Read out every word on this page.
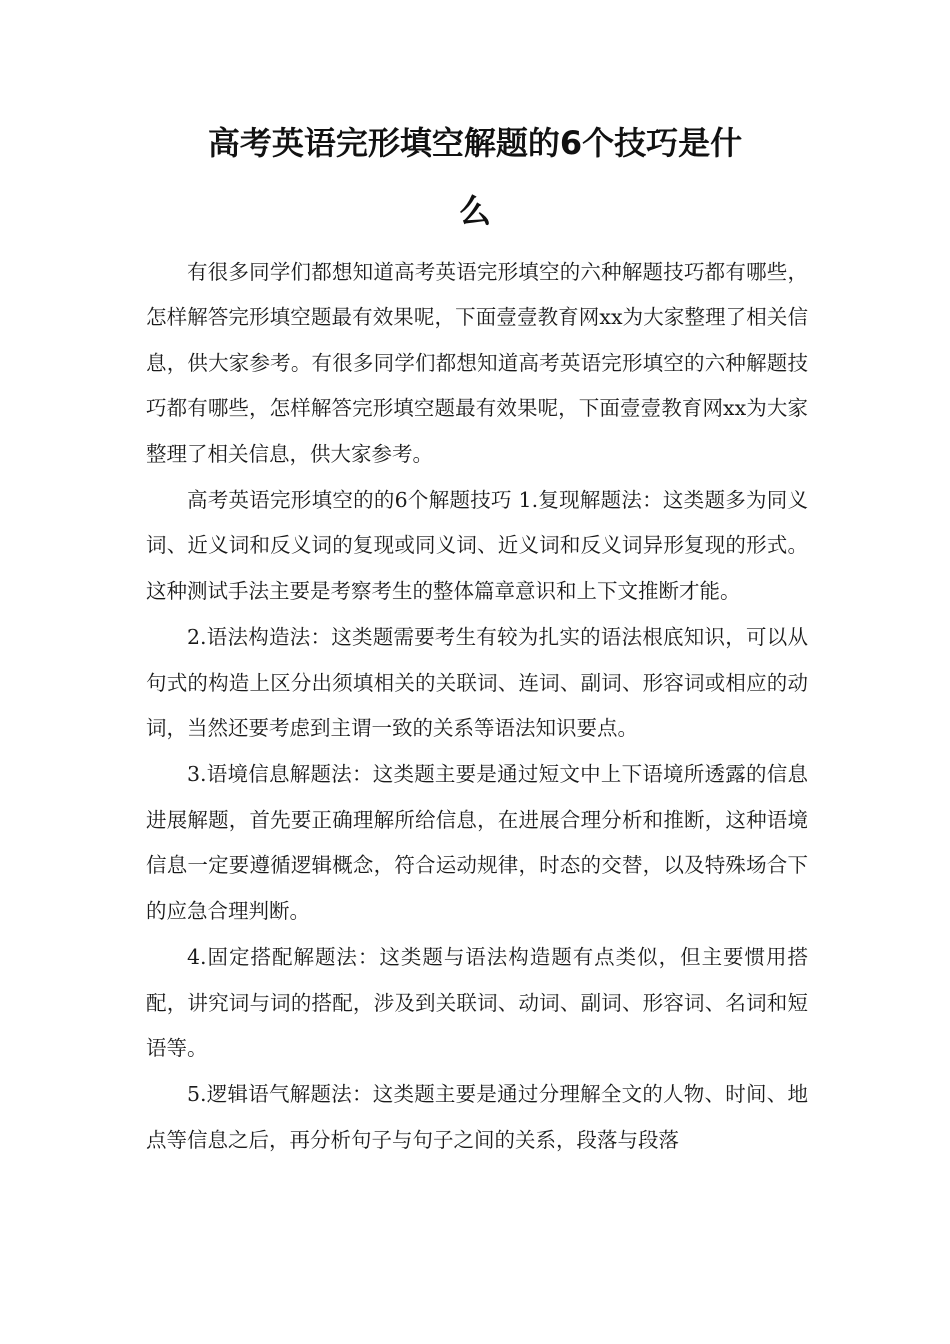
高考英语完形填空解题的6个技巧是什
么

有很多同学们都想知道高考英语完形填空的六种解题技巧都有哪些，怎样解答完形填空题最有效果呢，下面壹壹教育网xx为大家整理了相关信息，供大家参考。有很多同学们都想知道高考英语完形填空的六种解题技巧都有哪些，怎样解答完形填空题最有效果呢，下面壹壹教育网xx为大家整理了相关信息，供大家参考。

高考英语完形填空的的6个解题技巧 1.复现解题法：这类题多为同义词、近义词和反义词的复现或同义词、近义词和反义词异形复现的形式。这种测试手法主要是考察考生的整体篇章意识和上下文推断才能。

2.语法构造法：这类题需要考生有较为扎实的语法根底知识，可以从句式的构造上区分出须填相关的关联词、连词、副词、形容词或相应的动词，当然还要考虑到主谓一致的关系等语法知识要点。

3.语境信息解题法：这类题主要是通过短文中上下语境所透露的信息进展解题，首先要正确理解所给信息，在进展合理分析和推断，这种语境信息一定要遵循逻辑概念，符合运动规律，时态的交替，以及特殊场合下的应急合理判断。

4.固定搭配解题法：这类题与语法构造题有点类似，但主要惯用搭配，讲究词与词的搭配，涉及到关联词、动词、副词、形容词、名词和短语等。

5.逻辑语气解题法：这类题主要是通过分理解全文的人物、时间、地点等信息之后，再分析句子与句子之间的关系，段落与段落
